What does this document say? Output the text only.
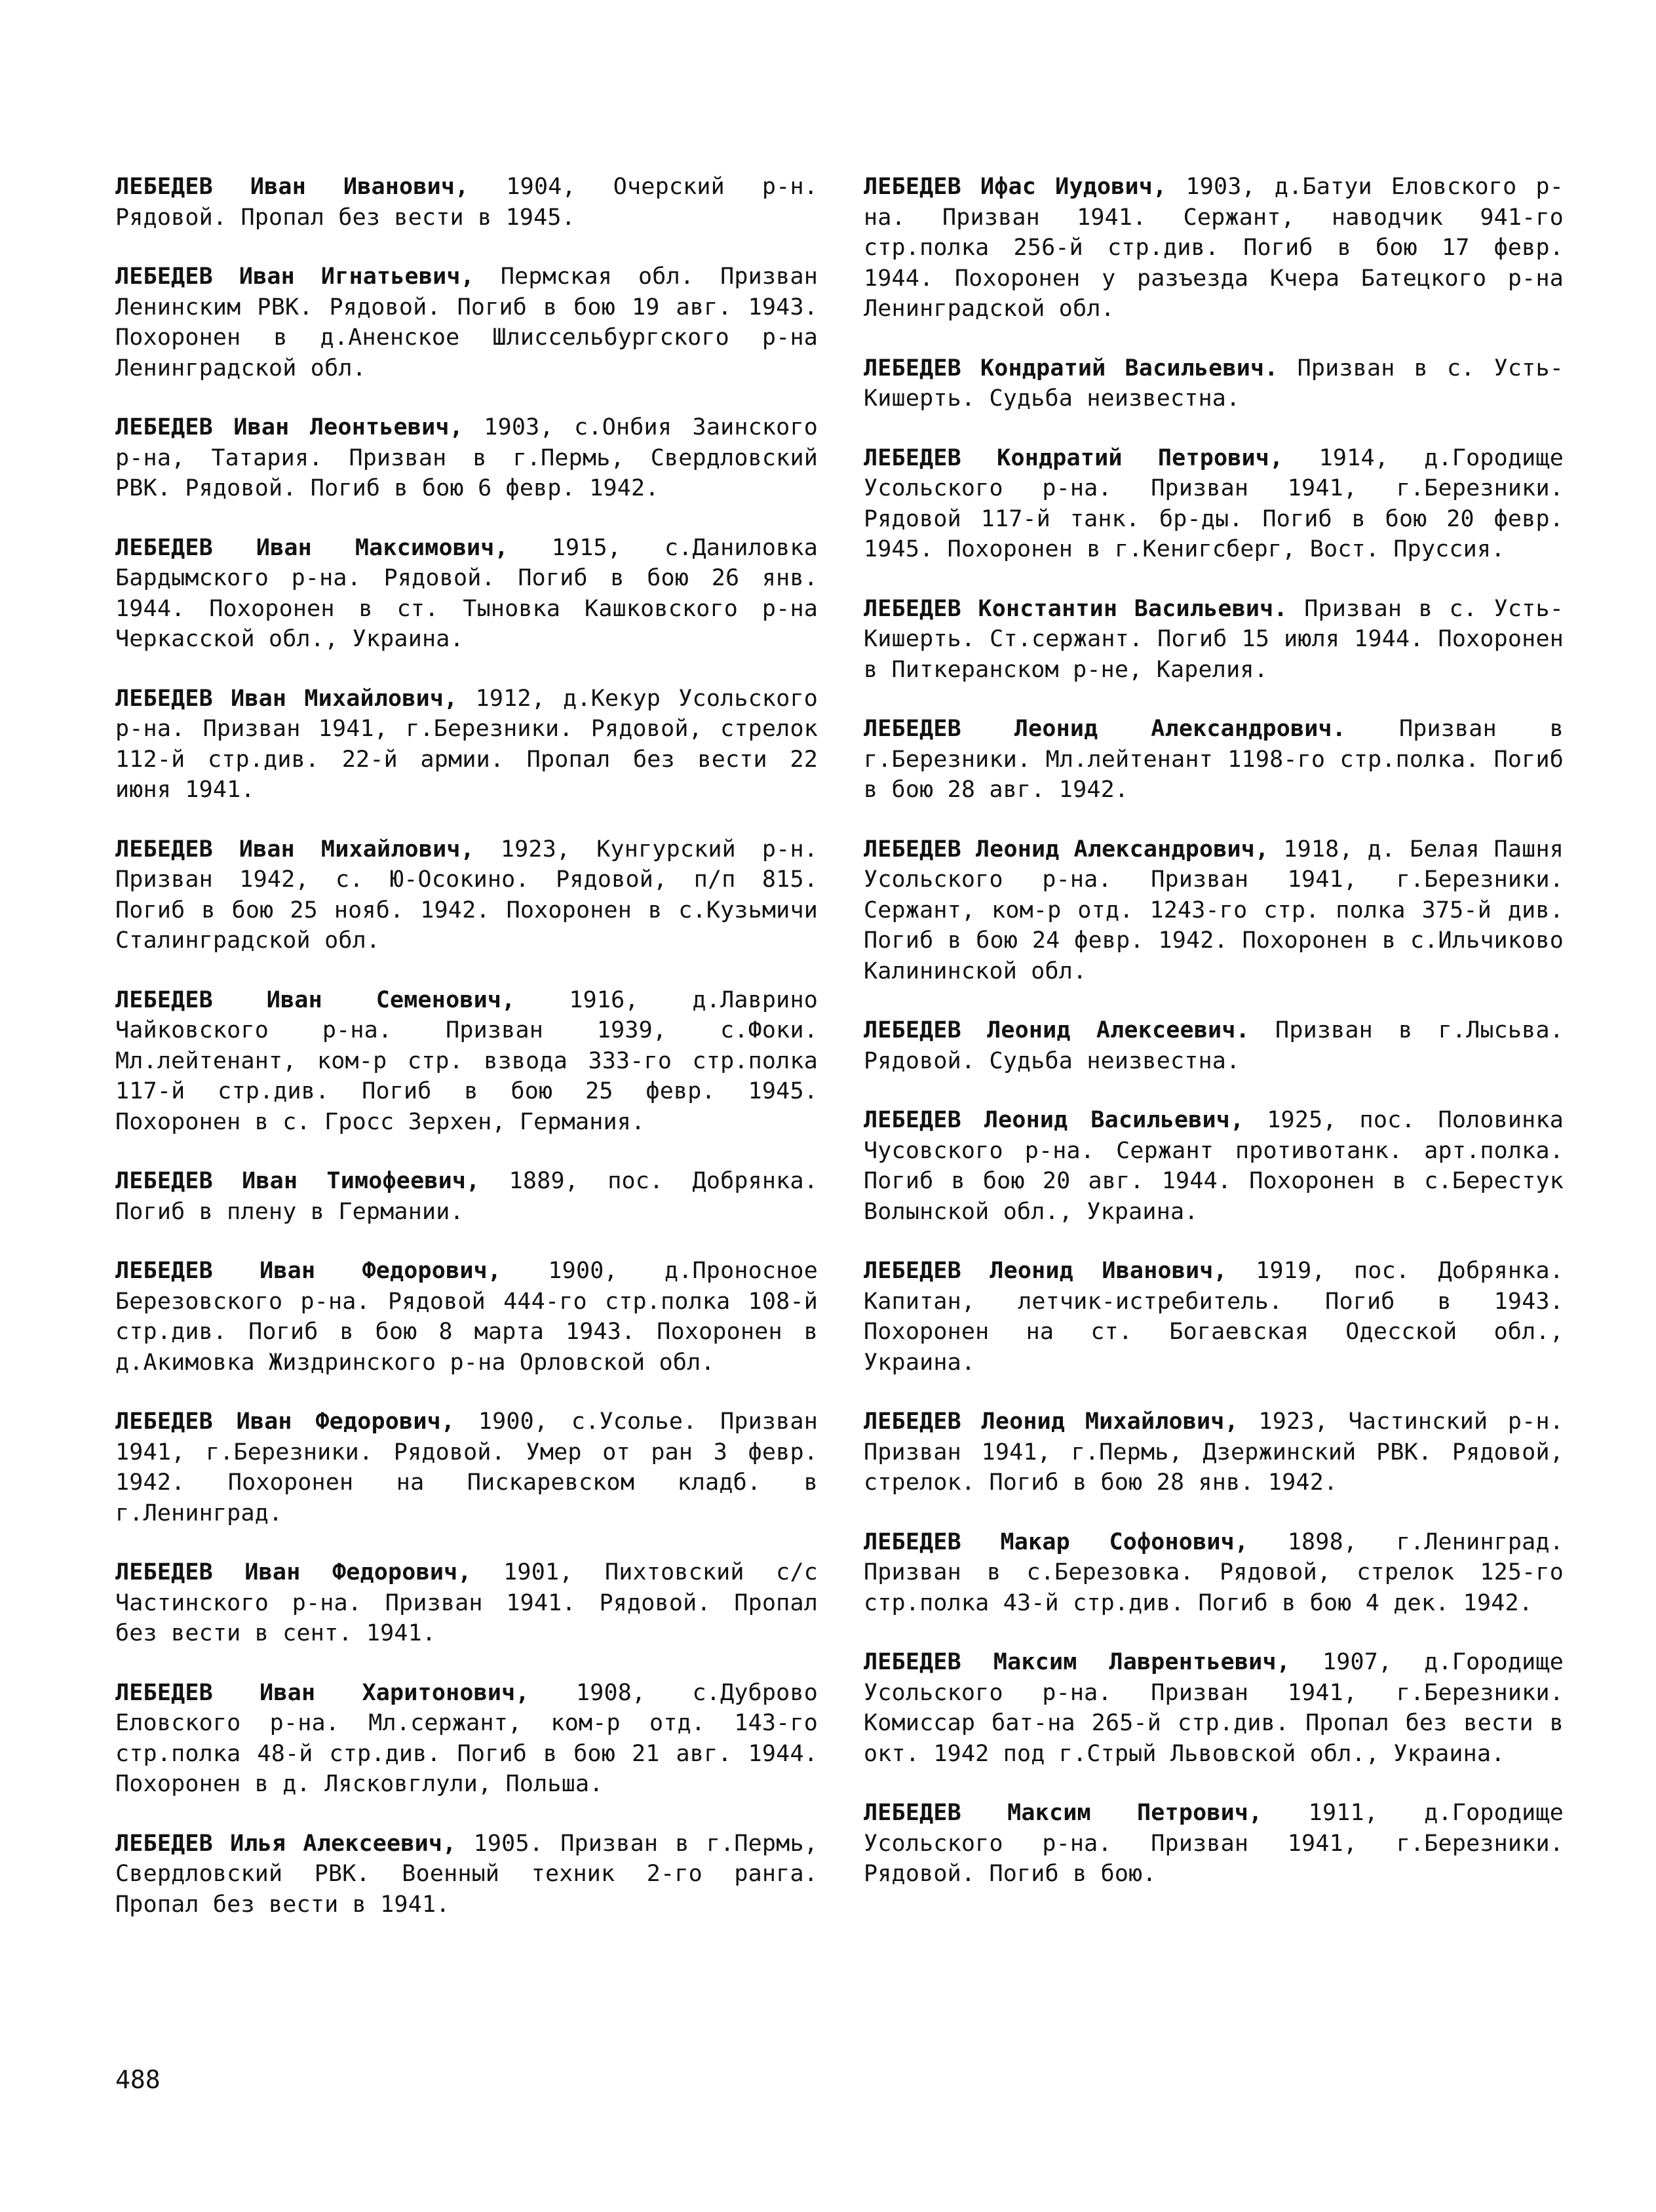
ЛЕБЕДЕВ Иван Иванович, 1904, Очерский р-н. Рядовой. Пропал без вести в 1945.

ЛЕБЕДЕВ Иван Игнатьевич, Пермская обл. Призван Ленинским РВК. Рядовой. Погиб в бою 19 авг. 1943. Похоронен в д.Аненское Шлиссельбургского р-на Ленинградской обл.

ЛЕБЕДЕВ Иван Леонтьевич, 1903, с.Онбия Заинского р-на, Татария. Призван в г.Пермь, Свердловский РВК. Рядовой. Погиб в бою 6 февр. 1942.

ЛЕБЕДЕВ Иван Максимович, 1915, с.Даниловка Бардымского р-на. Рядовой. Погиб в бою 26 янв. 1944. Похоронен в ст. Тыновка Кашковского р-на Черкасской обл., Украина.

ЛЕБЕДЕВ Иван Михайлович, 1912, д.Кекур Усольского р-на. Призван 1941, г.Березники. Рядовой, стрелок 112-й стр.див. 22-й армии. Пропал без вести 22 июня 1941.

ЛЕБЕДЕВ Иван Михайлович, 1923, Кунгурский р-н. Призван 1942, с. Ю-Осокино. Рядовой, п/п 815. Погиб в бою 25 нояб. 1942. Похоронен в с.Кузьмичи Сталинградской обл.

ЛЕБЕДЕВ Иван Семенович, 1916, д.Лаврино Чайковского р-на. Призван 1939, с.Фоки. Мл.лейтенант, ком-р стр. взвода 333-го стр.полка 117-й стр.див. Погиб в бою 25 февр. 1945. Похоронен в с. Гросс Зерхен, Германия.

ЛЕБЕДЕВ Иван Тимофеевич, 1889, пос. Добрянка. Погиб в плену в Германии.

ЛЕБЕДЕВ Иван Федорович, 1900, д.Проносное Березовского р-на. Рядовой 444-го стр.полка 108-й стр.див. Погиб в бою 8 марта 1943. Похоронен в д.Акимовка Жиздринского р-на Орловской обл.

ЛЕБЕДЕВ Иван Федорович, 1900, с.Усолье. Призван 1941, г.Березники. Рядовой. Умер от ран 3 февр. 1942. Похоронен на Пискаревском кладб. в г.Ленинград.

ЛЕБЕДЕВ Иван Федорович, 1901, Пихтовский с/с Частинского р-на. Призван 1941. Рядовой. Пропал без вести в сент. 1941.

ЛЕБЕДЕВ Иван Харитонович, 1908, с.Дуброво Еловского р-на. Мл.сержант, ком-р отд. 143-го стр.полка 48-й стр.див. Погиб в бою 21 авг. 1944. Похоронен в д. Лясковглули, Польша.

ЛЕБЕДЕВ Илья Алексеевич, 1905. Призван в г.Пермь, Свердловский РВК. Военный техник 2-го ранга. Пропал без вести в 1941.

ЛЕБЕДЕВ Ифас Иудович, 1903, д.Батуи Еловского р-на. Призван 1941. Сержант, наводчик 941-го стр.полка 256-й стр.див. Погиб в бою 17 февр. 1944. Похоронен у разъезда Кчера Батецкого р-на Ленинградской обл.

ЛЕБЕДЕВ Кондратий Васильевич. Призван в с. Усть-Кишерть. Судьба неизвестна.

ЛЕБЕДЕВ Кондратий Петрович, 1914, д.Городище Усольского р-на. Призван 1941, г.Березники. Рядовой 117-й танк. бр-ды. Погиб в бою 20 февр. 1945. Похоронен в г.Кенигсберг, Вост. Пруссия.

ЛЕБЕДЕВ Константин Васильевич. Призван в с. Усть-Кишерть. Ст.сержант. Погиб 15 июля 1944. Похоронен в Питкеранском р-не, Карелия.

ЛЕБЕДЕВ Леонид Александрович. Призван в г.Березники. Мл.лейтенант 1198-го стр.полка. Погиб в бою 28 авг. 1942.

ЛЕБЕДЕВ Леонид Александрович, 1918, д. Белая Пашня Усольского р-на. Призван 1941, г.Березники. Сержант, ком-р отд. 1243-го стр. полка 375-й див. Погиб в бою 24 февр. 1942. Похоронен в с.Ильчиково Калининской обл.

ЛЕБЕДЕВ Леонид Алексеевич. Призван в г.Лысьва. Рядовой. Судьба неизвестна.

ЛЕБЕДЕВ Леонид Васильевич, 1925, пос. Половинка Чусовского р-на. Сержант противотанк. арт.полка. Погиб в бою 20 авг. 1944. Похоронен в с.Берестук Волынской обл., Украина.

ЛЕБЕДЕВ Леонид Иванович, 1919, пос. Добрянка. Капитан, летчик-истребитель. Погиб в 1943. Похоронен на ст. Богаевская Одесской обл., Украина.

ЛЕБЕДЕВ Леонид Михайлович, 1923, Частинский р-н. Призван 1941, г.Пермь, Дзержинский РВК. Рядовой, стрелок. Погиб в бою 28 янв. 1942.

ЛЕБЕДЕВ Макар Софонович, 1898, г.Ленинград. Призван в с.Березовка. Рядовой, стрелок 125-го стр.полка 43-й стр.див. Погиб в бою 4 дек. 1942.

ЛЕБЕДЕВ Максим Лаврентьевич, 1907, д.Городище Усольского р-на. Призван 1941, г.Березники. Комиссар бат-на 265-й стр.див. Пропал без вести в окт. 1942 под г.Стрый Львовской обл., Украина.

ЛЕБЕДЕВ Максим Петрович, 1911, д.Городище Усольского р-на. Призван 1941, г.Березники. Рядовой. Погиб в бою.

488
